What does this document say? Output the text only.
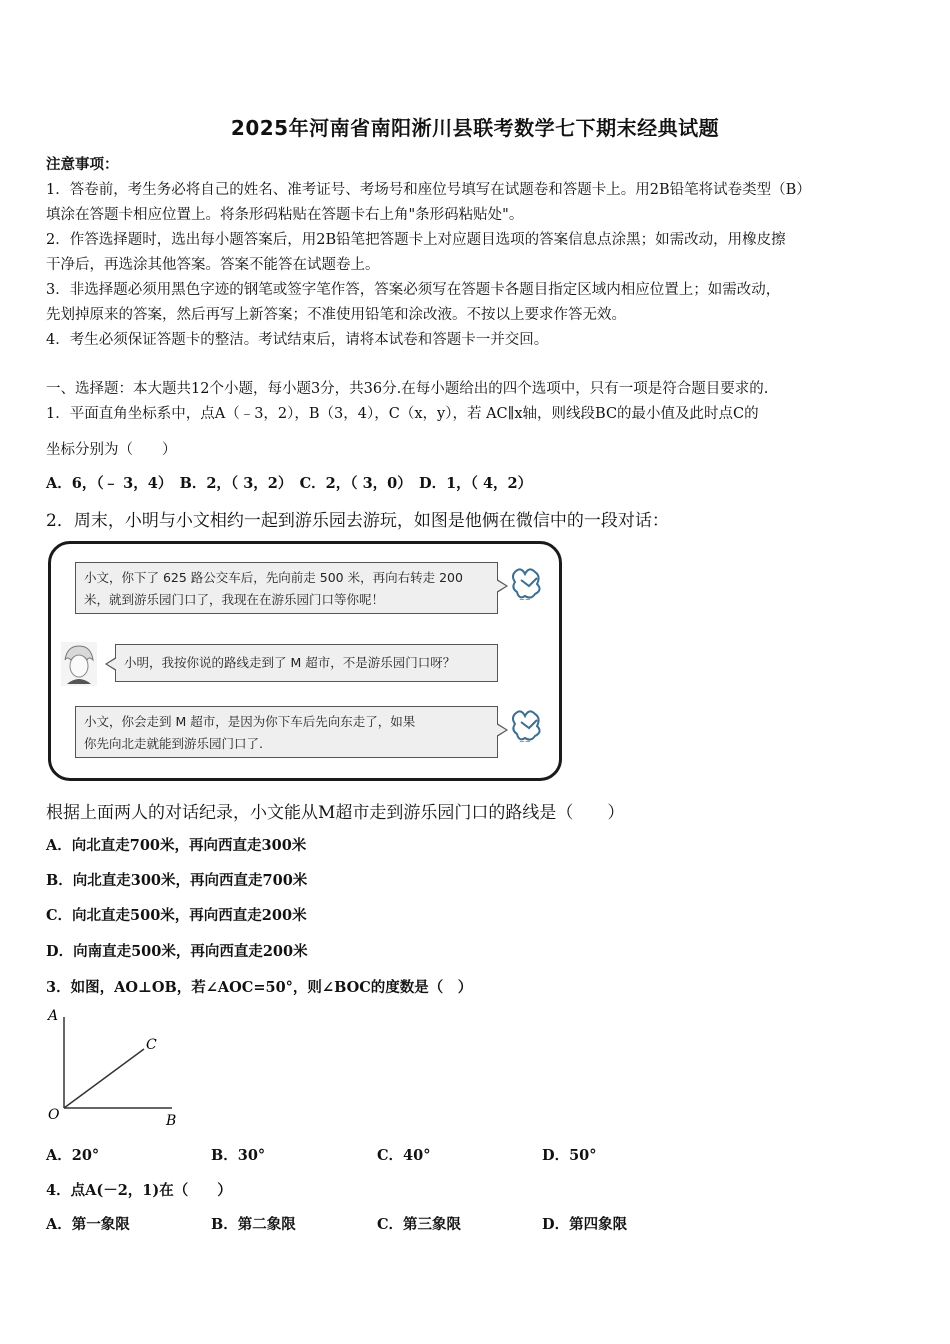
2025年河南省南阳淅川县联考数学七下期末经典试题
注意事项：
1．答卷前，考生务必将自己的姓名、准考证号、考场号和座位号填写在试题卷和答题卡上。用2B铅笔将试卷类型（B）
填涂在答题卡相应位置上。将条形码粘贴在答题卡右上角"条形码粘贴处"。
2．作答选择题时，选出每小题答案后，用2B铅笔把答题卡上对应题目选项的答案信息点涂黑；如需改动，用橡皮擦
干净后，再选涂其他答案。答案不能答在试题卷上。
3．非选择题必须用黑色字迹的钢笔或签字笔作答，答案必须写在答题卡各题目指定区域内相应位置上；如需改动，
先划掉原来的答案，然后再写上新答案；不准使用铅笔和涂改液。不按以上要求作答无效。
4．考生必须保证答题卡的整洁。考试结束后，请将本试卷和答题卡一并交回。
一、选择题：本大题共12个小题，每小题3分，共36分.在每小题给出的四个选项中，只有一项是符合题目要求的.
1．平面直角坐标系中，点A（﹣3，2），B（3，4），C（x，y），若 AC∥x轴，则线段BC的最小值及此时点C的
坐标分别为（　　）
A．6，（﹣ 3，4）　B．2，（ 3，2）　C．2，（ 3，0）　D．1，（ 4，2）
2．周末，小明与小文相约一起到游乐园去游玩，如图是他俩在微信中的一段对话：
小文，你下了 625 路公交车后，先向前走 500 米，再向右转走 200
米，就到游乐园门口了，我现在在游乐园门口等你呢！
小明，我按你说的路线走到了 M 超市，不是游乐园门口呀？
小文，你会走到 M 超市，是因为你下车后先向东走了，如果
你先向北走就能到游乐园门口了.
~~
~~
根据上面两人的对话纪录，小文能从M超市走到游乐园门口的路线是（　　）
A．向北直走700米，再向西直走300米
B．向北直走300米，再向西直走700米
C．向北直走500米，再向西直走200米
D．向南直走500米，再向西直走200米
3．如图，AO⊥OB，若∠AOC=50°，则∠BOC的度数是（　）
A
C
O	B
A．20°	B．30°	C．40°	D．50°
4．点A(－2，1)在（　　）
A．第一象限	B．第二象限	C．第三象限	D．第四象限
